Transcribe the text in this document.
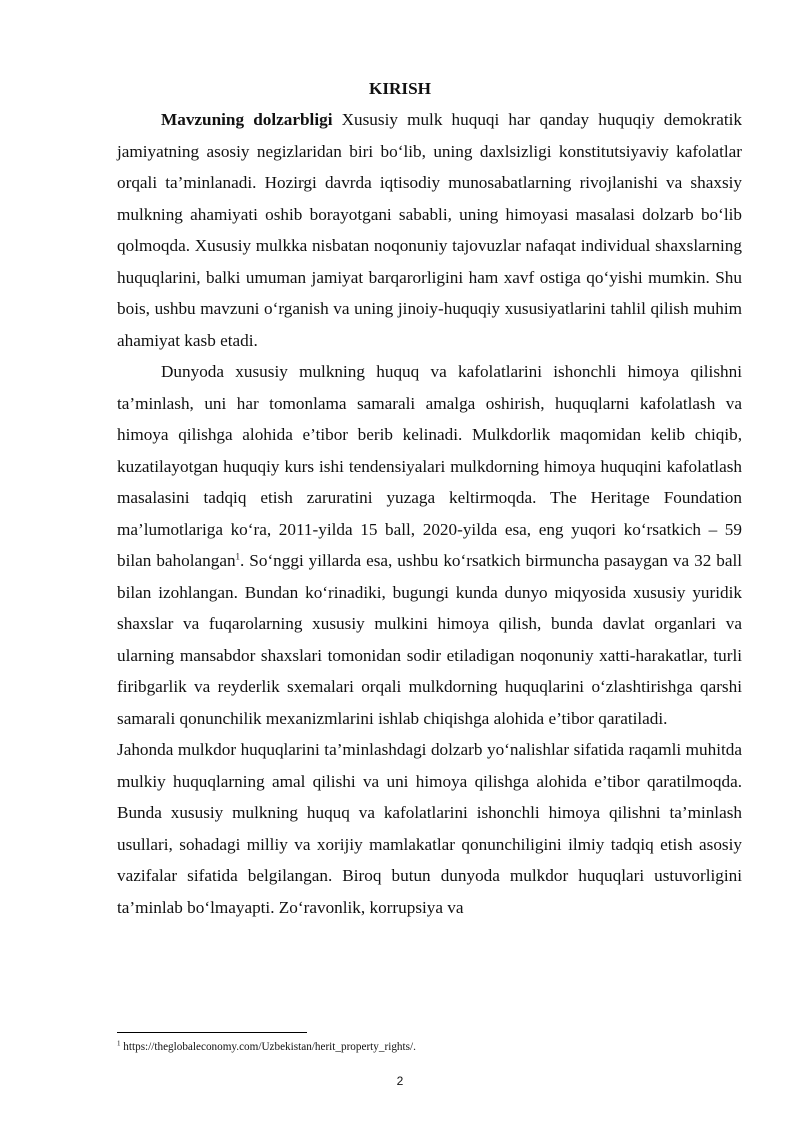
KIRISH

Mavzuning dolzarbligi Xususiy mulk huquqi har qanday huquqiy demokratik jamiyatning asosiy negizlaridan biri bo‘lib, uning daxlsizligi konstitutsiyaviy kafolatlar orqali ta’minlanadi. Hozirgi davrda iqtisodiy munosabatlarning rivojlanishi va shaxsiy mulkning ahamiyati oshib borayotgani sababli, uning himoyasi masalasi dolzarb bo‘lib qolmoqda. Xususiy mulkka nisbatan noqonuniy tajovuzlar nafaqat individual shaxslarning huquqlarini, balki umuman jamiyat barqarorligini ham xavf ostiga qo‘yishi mumkin. Shu bois, ushbu mavzuni o‘rganish va uning jinoiy-huquqiy xususiyatlarini tahlil qilish muhim ahamiyat kasb etadi.

Dunyoda xususiy mulkning huquq va kafolatlarini ishonchli himoya qilishni ta’minlash, uni har tomonlama samarali amalga oshirish, huquqlarni kafolatlash va himoya qilishga alohida e’tibor berib kelinadi. Mulkdorlik maqomidan kelib chiqib, kuzatilayotgan huquqiy kurs ishi tendensiyalari mulkdorning himoya huquqini kafolatlash masalasini tadqiq etish zaruratini yuzaga keltirmoqda. The Heritage Foundation ma’lumotlariga ko‘ra, 2011-yilda 15 ball, 2020-yilda esa, eng yuqori ko‘rsatkich – 59 bilan baholangan$^1$. So‘nggi yillarda esa, ushbu ko‘rsatkich birmuncha pasaygan va 32 ball bilan izohlangan. Bundan ko‘rinadiki, bugungi kunda dunyo miqyosida xususiy yuridik shaxslar va fuqarolarning xususiy mulkini himoya qilish, bunda davlat organlari va ularning mansabdor shaxslari tomonidan sodir etiladigan noqonuniy xatti-harakatlar, turli firibgarlik va reyderlik sxemalari orqali mulkdorning huquqlarini o‘zlashtirishga qarshi samarali qonunchilik mexanizmlarini ishlab chiqishga alohida e’tibor qaratiladi.

Jahonda mulkdor huquqlarini ta’minlashdagi dolzarb yo‘nalishlar sifatida raqamli muhitda mulkiy huquqlarning amal qilishi va uni himoya qilishga alohida e’tibor qaratilmoqda. Bunda xususiy mulkning huquq va kafolatlarini ishonchli himoya qilishni ta’minlash usullari, sohadagi milliy va xorijiy mamlakatlar qonunchiligini ilmiy tadqiq etish asosiy vazifalar sifatida belgilangan. Biroq butun dunyoda mulkdor huquqlari ustuvorligini ta’minlab bo‘lmayapti. Zo‘ravonlik, korrupsiya va

$^1$ https://theglobaleconomy.com/Uzbekistan/herit_property_rights/.

2
